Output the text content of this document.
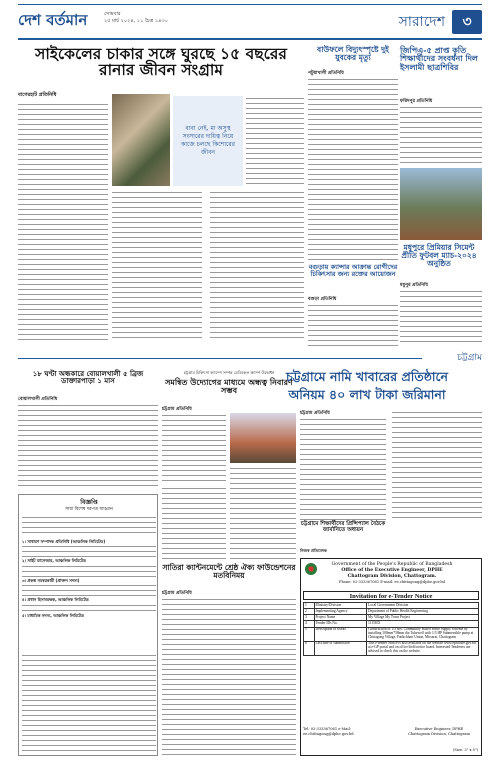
দেশ বর্তমান	সোমবার
২৫ মার্চ ২০২৪, ১১ চৈত্র ১৪৩০	সারাদেশ	৩
সাইকেলের চাকার সঙ্গে ঘুরছে ১৫ বছরের রানার জীবন সংগ্রাম
বাগেরহাট প্রতিনিধি
বাবা নেই, মা অসুস্থ সংসারের দায়িত্ব নিয়ে কাজে চলছে কিশোরের জীবন
বাউফলে বিদ্যুৎস্পৃষ্টে দুই যুবকের মৃত্যু
পটুয়াখালী প্রতিনিধি
বগুড়ায় ক্যান্সার আক্রান্ত রোগীদের চিকিৎসার জন্য রক্তের আয়োজন
বগুড়া প্রতিনিধি
জিপিএ-৫ প্রাপ্ত কৃতি শিক্ষার্থীদের সংবর্ধনা দিল ইসলামী ছাত্রশিবির
ফরিদপুর প্রতিনিধি
মধুপুরে প্রিমিয়ার সিমেন্ট প্রীতি ফুটবল ম্যাচ-২০২৪ অনুষ্ঠিত
মধুপুর প্রতিনিধি
চট্টগ্রাম
১৮ ঘণ্টা অন্ধকারে বোয়ালখালী ৫ ব্রিজ ডাক্তারপাড়া ১ মাস
বোয়ালখালী প্রতিনিধি
বিজ্ঞপ্তি
সারা বিশেষ দরপত্র আহ্বান
১। সাধারণ সম্পাদক প্রতিনিধি (আঞ্চলিক লিমিটেড)
২। সাইট ম্যানেজার, আঞ্চলিক লিমিটেড
৩। প্রকল্প সমন্বয়কারী (প্রাক্তন সদস্য)
৪। প্রধান হিসাবরক্ষক, আঞ্চলিক লিমিটেড
৫। মাধ্যমিক সদস্য, আঞ্চলিক লিমিটেড
চট্টগ্রাম চিকিৎসা ক্যাম্পে সম্পন্ন মেডিকেল ক্যাম্প উদ্বোধন
সমন্বিত উদ্যোগের মাধ্যমে অন্ধত্ব নিবারণ সম্ভব
চট্টগ্রাম প্রতিনিধি
সাতিরা ক্যান্টনমেন্টে শ্রেষ্ঠ ঐক্য ফাউন্ডেশনের মতবিনিময়
চট্টগ্রাম প্রতিনিধি
চট্টগ্রামে নামি খাবারের প্রতিষ্ঠানে
অনিয়ম ৪০ লাখ টাকা জরিমানা
চট্টগ্রাম প্রতিনিধি
চট্টগ্রামে শিক্ষার্থীদের প্রিন্সিপ্যাল বৈঠকে জার্মানিতে অধ্যয়ন
নিজস্ব প্রতিবেদক
Government of the People's Republic of Bangladesh
Office of the Executive Engineer, DPHE
Chattogram Division, Chattogram.
Phone: 02-333367061 E-mail: ee.chittagong@dphe.gov.bd
Invitation for e-Tender Notice
1	Ministry/Division	Local Government Division
2	Implementing Agency	Department of Public Health Engineering
3	Project Name	My Village My Town Project
4	Tender IDs No.	1115833
5	Description of works	Construction of 1/3 nos. Community Based Water Supply Scheme by installing 100mm*38mm dia Tubewell with 1/3 HP Submersible pump at Chittagong Village, Fatikchhari Union, Mirsarai, Chattogram
6	Last date of submission	This e-tender Notice is also available on the website www.eprocure.gov.bd at e-GP portal and on office/field notice board. Interested Tenderers are advised to check this on the website.
Tel: 02-333367061 e-Mail: ee.chittagong@dphe.gov.bd
Executive Engineer, DPHE
Chattogram Division, Chattogram
(Size: 3" x 5")
